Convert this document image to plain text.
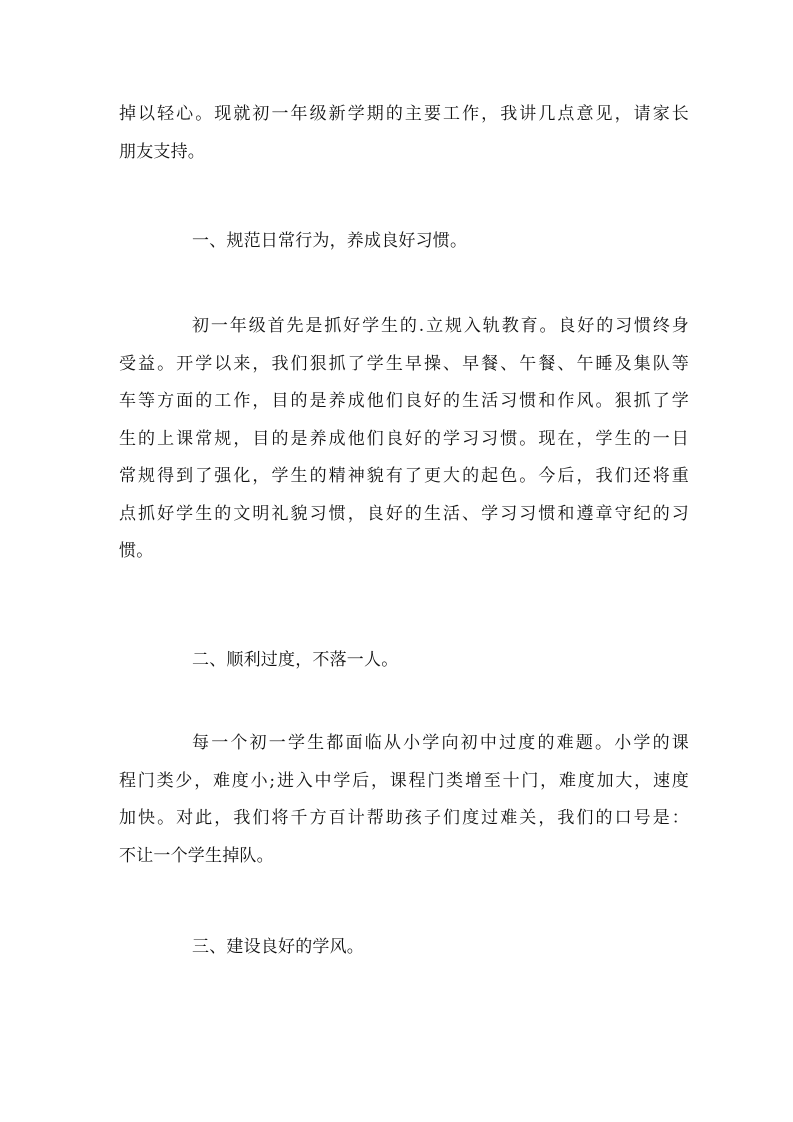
掉以轻心。现就初一年级新学期的主要工作，我讲几点意见，请家长
朋友支持。

一、规范日常行为，养成良好习惯。

初一年级首先是抓好学生的.立规入轨教育。良好的习惯终身
受益。开学以来，我们狠抓了学生早操、早餐、午餐、午睡及集队等
车等方面的工作，目的是养成他们良好的生活习惯和作风。狠抓了学
生的上课常规，目的是养成他们良好的学习习惯。现在，学生的一日
常规得到了强化，学生的精神貌有了更大的起色。今后，我们还将重
点抓好学生的文明礼貌习惯，良好的生活、学习习惯和遵章守纪的习
惯。

二、顺利过度，不落一人。

每一个初一学生都面临从小学向初中过度的难题。小学的课
程门类少，难度小;进入中学后，课程门类增至十门，难度加大，速度
加快。对此，我们将千方百计帮助孩子们度过难关，我们的口号是：
不让一个学生掉队。

三、建设良好的学风。
